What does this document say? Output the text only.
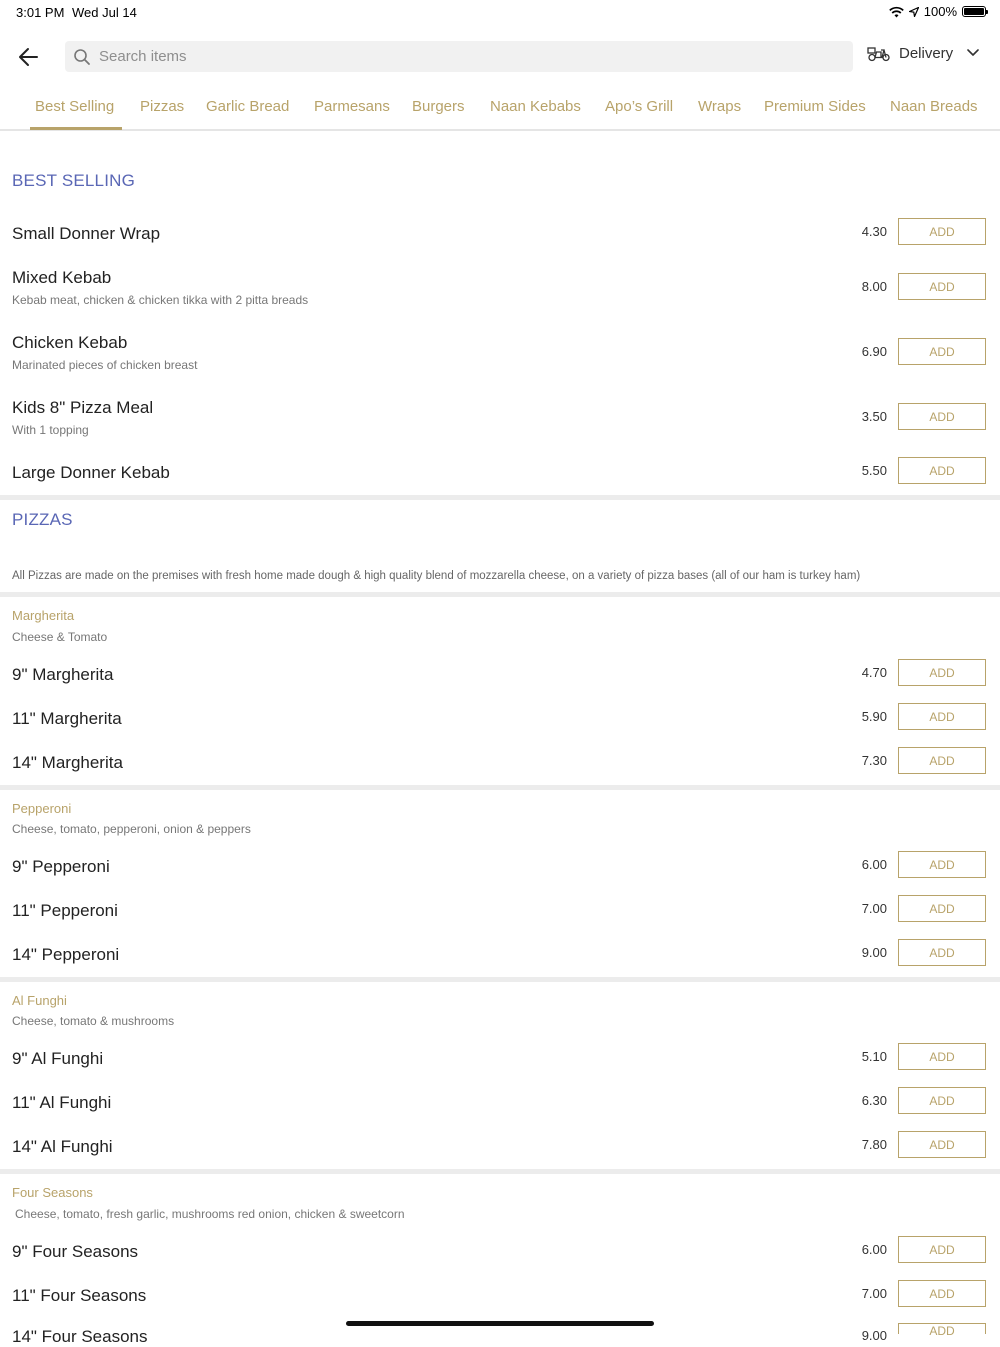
3:01 PM Wed Jul 14	100%
Search items
Delivery
Best Selling Pizzas Garlic Bread Parmesans Burgers Naan Kebabs Apo’s Grill Wraps Premium Sides Naan Breads
BEST SELLING
Small Donner Wrap	4.30	ADD
Mixed Kebab
Kebab meat, chicken & chicken tikka with 2 pitta breads
8.00	ADD
Chicken Kebab
Marinated pieces of chicken breast
6.90	ADD
Kids 8" Pizza Meal
With 1 topping
3.50	ADD
Large Donner Kebab	5.50	ADD
PIZZAS
All Pizzas are made on the premises with fresh home made dough & high quality blend of mozzarella cheese, on a variety of pizza bases (all of our ham is turkey ham)
Margherita
Cheese & Tomato
9" Margherita	4.70	ADD
11" Margherita	5.90	ADD
14" Margherita	7.30	ADD
Pepperoni
Cheese, tomato, pepperoni, onion & peppers
9" Pepperoni	6.00	ADD
11" Pepperoni	7.00	ADD
14" Pepperoni	9.00	ADD
Al Funghi
Cheese, tomato & mushrooms
9" Al Funghi	5.10	ADD
11" Al Funghi	6.30	ADD
14" Al Funghi	7.80	ADD
Four Seasons
Cheese, tomato, fresh garlic, mushrooms red onion, chicken & sweetcorn
9" Four Seasons	6.00	ADD
11" Four Seasons	7.00	ADD
14" Four Seasons	9.00	ADD
